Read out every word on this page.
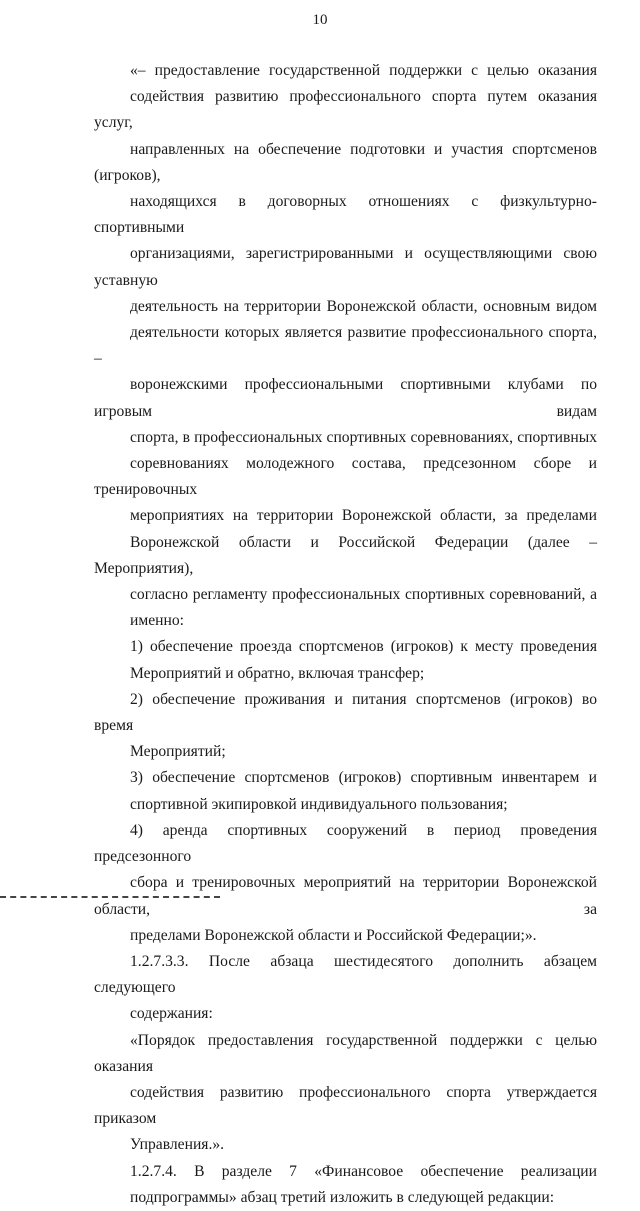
10

«– предоставление государственной поддержки с целью оказания
содействия развитию профессионального спорта путем оказания услуг,
направленных на обеспечение подготовки и участия спортсменов (игроков),
находящихся в договорных отношениях с физкультурно-спортивными
организациями, зарегистрированными и осуществляющими свою уставную
деятельность на территории Воронежской области, основным видом
деятельности которых является развитие профессионального спорта, –
воронежскими профессиональными спортивными клубами по игровым видам
спорта, в профессиональных спортивных соревнованиях, спортивных
соревнованиях молодежного состава, предсезонном сборе и тренировочных
мероприятиях на территории Воронежской области, за пределами
Воронежской области и Российской Федерации (далее – Мероприятия),
согласно регламенту профессиональных спортивных соревнований, а
именно:

1) обеспечение проезда спортсменов (игроков) к месту проведения
Мероприятий и обратно, включая трансфер;

2) обеспечение проживания и питания спортсменов (игроков) во время
Мероприятий;

3) обеспечение спортсменов (игроков) спортивным инвентарем и
спортивной экипировкой индивидуального пользования;

4) аренда спортивных сооружений в период проведения предсезонного
сбора и тренировочных мероприятий на территории Воронежской области, за
пределами Воронежской области и Российской Федерации;».

1.2.7.3.3. После абзаца шестидесятого дополнить абзацем следующего
содержания:

«Порядок предоставления государственной поддержки с целью оказания
содействия развитию профессионального спорта утверждается приказом
Управления.».

1.2.7.4. В разделе 7 «Финансовое обеспечение реализации
подпрограммы» абзац третий изложить в следующей редакции:
